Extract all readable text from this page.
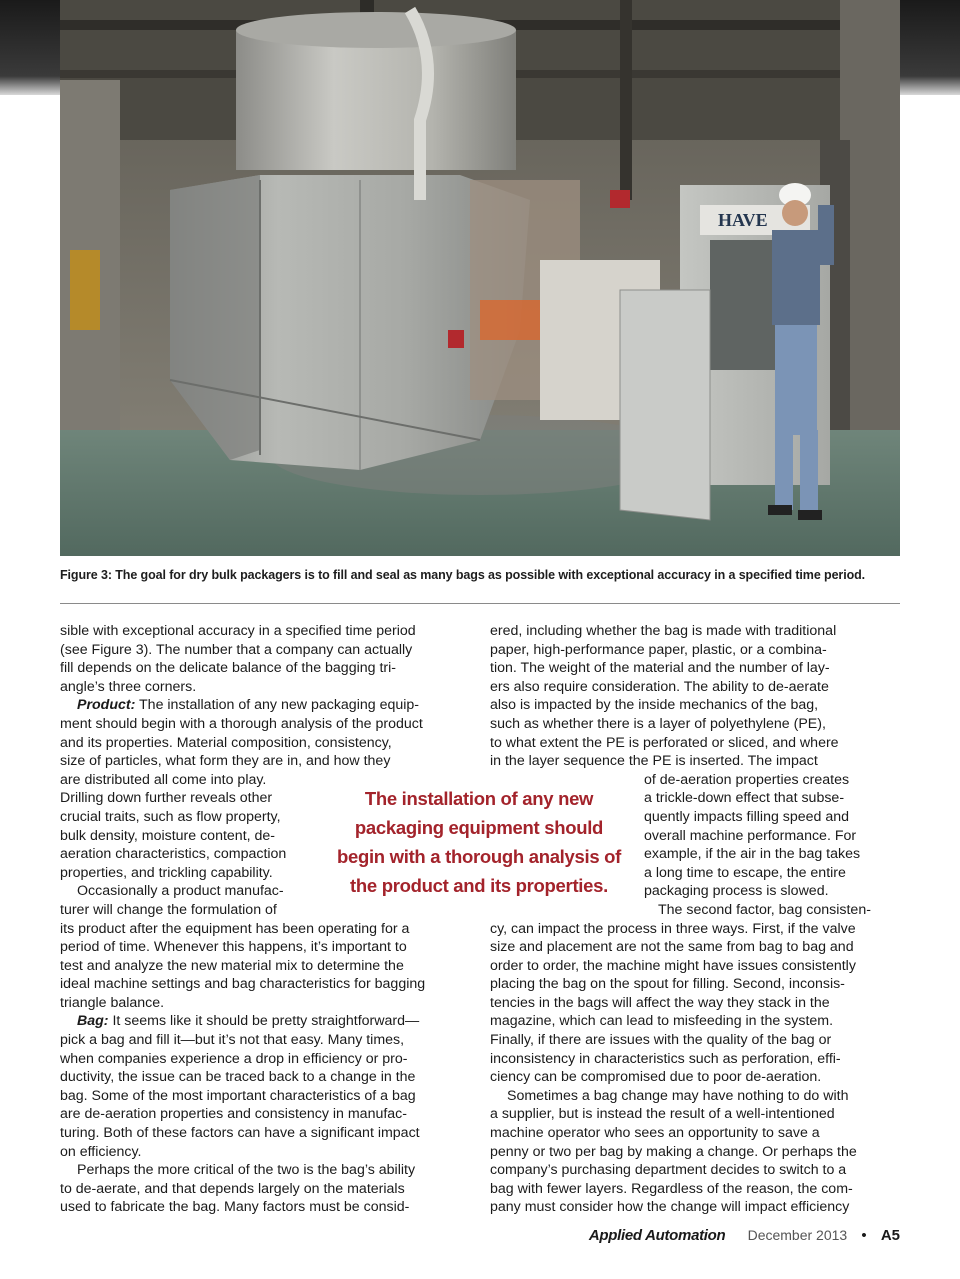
HAVE
Figure 3: The goal for dry bulk packagers is to fill and seal as many bags as possible with exceptional accuracy in a specified time period.
sible with exceptional accuracy in a specified time period
(see Figure 3). The number that a company can actually
fill depends on the delicate balance of the bagging tri-
angle’s three corners.
Product: The installation of any new packaging equip-
ment should begin with a thorough analysis of the product
and its properties. Material composition, consistency,
size of particles, what form they are in, and how they
are distributed all come into play.
Drilling down further reveals other
crucial traits, such as flow property,
bulk density, moisture content, de-
aeration characteristics, compaction
properties, and trickling capability.
Occasionally a product manufac-
turer will change the formulation of
its product after the equipment has been operating for a
period of time. Whenever this happens, it’s important to
test and analyze the new material mix to determine the
ideal machine settings and bag characteristics for bagging
triangle balance.
Bag: It seems like it should be pretty straightforward—
pick a bag and fill it—but it’s not that easy. Many times,
when companies experience a drop in efficiency or pro-
ductivity, the issue can be traced back to a change in the
bag. Some of the most important characteristics of a bag
are de-aeration properties and consistency in manufac-
turing. Both of these factors can have a significant impact
on efficiency.
Perhaps the more critical of the two is the bag’s ability
to de-aerate, and that depends largely on the materials
used to fabricate the bag. Many factors must be consid-
ered, including whether the bag is made with traditional
paper, high-performance paper, plastic, or a combina-
tion. The weight of the material and the number of lay-
ers also require consideration. The ability to de-aerate
also is impacted by the inside mechanics of the bag,
such as whether there is a layer of polyethylene (PE),
to what extent the PE is perforated or sliced, and where
in the layer sequence the PE is inserted. The impact
of de-aeration properties creates
a trickle-down effect that subse-
quently impacts filling speed and
overall machine performance. For
example, if the air in the bag takes
a long time to escape, the entire
packaging process is slowed.
The second factor, bag consisten-
cy, can impact the process in three ways. First, if the valve
size and placement are not the same from bag to bag and
order to order, the machine might have issues consistently
placing the bag on the spout for filling. Second, inconsis-
tencies in the bags will affect the way they stack in the
magazine, which can lead to misfeeding in the system.
Finally, if there are issues with the quality of the bag or
inconsistency in characteristics such as perforation, effi-
ciency can be compromised due to poor de-aeration.
Sometimes a bag change may have nothing to do with
a supplier, but is instead the result of a well-intentioned
machine operator who sees an opportunity to save a
penny or two per bag by making a change. Or perhaps the
company’s purchasing department decides to switch to a
bag with fewer layers. Regardless of the reason, the com-
pany must consider how the change will impact efficiency
The installation of any new
packaging equipment should
begin with a thorough analysis of
the product and its properties.
Applied Automation December 2013 • A5
